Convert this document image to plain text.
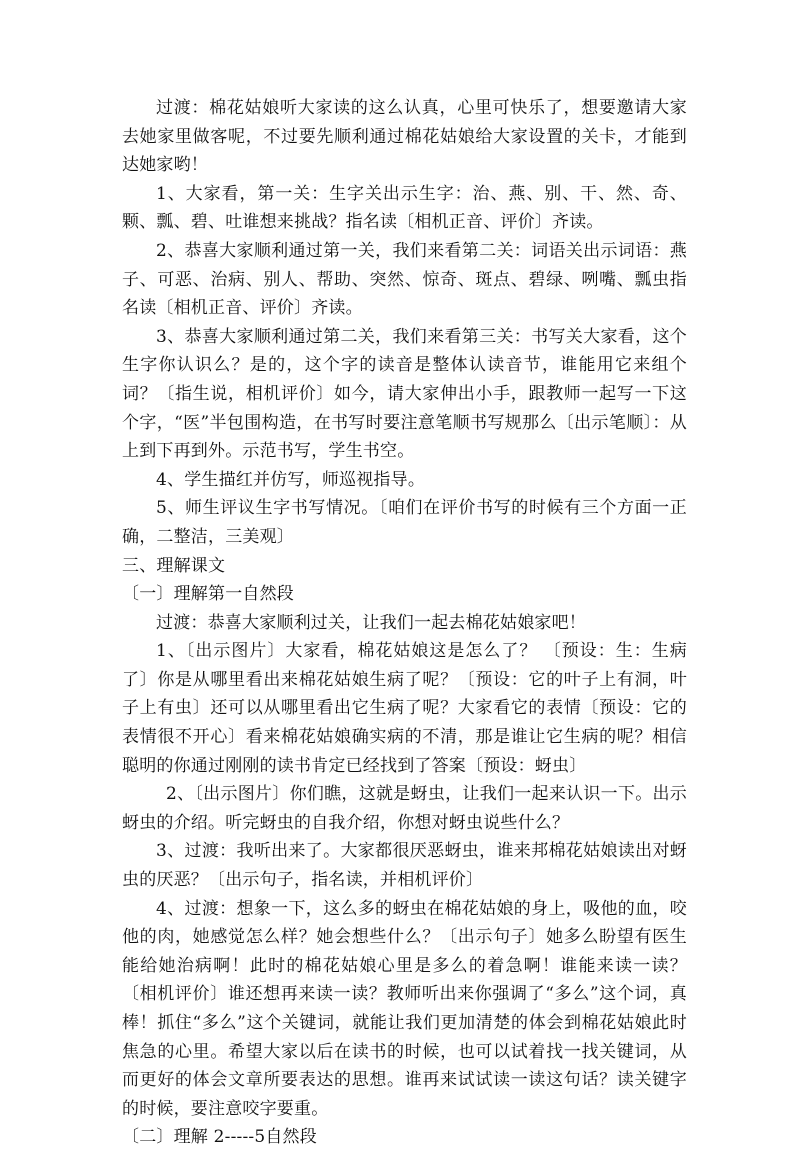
过渡：棉花姑娘听大家读的这么认真，心里可快乐了，想要邀请大家去她家里做客呢，不过要先顺利通过棉花姑娘给大家设置的关卡，才能到达她家哟！

1、大家看，第一关：生字关出示生字：治、燕、别、干、然、奇、颗、瓢、碧、吐谁想来挑战？指名读〔相机正音、评价〕齐读。

2、恭喜大家顺利通过第一关，我们来看第二关：词语关出示词语：燕子、可恶、治病、别人、帮助、突然、惊奇、斑点、碧绿、咧嘴、瓢虫指名读〔相机正音、评价〕齐读。

3、恭喜大家顺利通过第二关，我们来看第三关：书写关大家看，这个生字你认识么？是的，这个字的读音是整体认读音节，谁能用它来组个词？〔指生说，相机评价〕如今，请大家伸出小手，跟教师一起写一下这个字，“医”半包围构造，在书写时要注意笔顺书写规那么〔出示笔顺〕：从上到下再到外。示范书写，学生书空。

4、学生描红并仿写，师巡视指导。

5、师生评议生字书写情况。〔咱们在评价书写的时候有三个方面一正确，二整洁，三美观〕

三、理解课文

〔一〕理解第一自然段

过渡：恭喜大家顺利过关，让我们一起去棉花姑娘家吧！

1、〔出示图片〕大家看，棉花姑娘这是怎么了？ 〔预设：生：生病了〕你是从哪里看出来棉花姑娘生病了呢？〔预设：它的叶子上有洞，叶子上有虫〕还可以从哪里看出它生病了呢？大家看它的表情〔预设：它的表情很不开心〕看来棉花姑娘确实病的不清，那是谁让它生病的呢？相信聪明的你通过刚刚的读书肯定已经找到了答案〔预设：蚜虫〕

2、〔出示图片〕你们瞧，这就是蚜虫，让我们一起来认识一下。出示蚜虫的介绍。听完蚜虫的自我介绍，你想对蚜虫说些什么？

3、过渡：我听出来了。大家都很厌恶蚜虫，谁来邦棉花姑娘读出对蚜虫的厌恶？〔出示句子，指名读，并相机评价〕

4、过渡：想象一下，这么多的蚜虫在棉花姑娘的身上，吸他的血，咬他的肉，她感觉怎么样？她会想些什么？〔出示句子〕她多么盼望有医生能给她治病啊！此时的棉花姑娘心里是多么的着急啊！谁能来读一读？〔相机评价〕谁还想再来读一读？教师听出来你强调了“多么”这个词，真棒！抓住“多么”这个关键词，就能让我们更加清楚的体会到棉花姑娘此时焦急的心里。希望大家以后在读书的时候，也可以试着找一找关键词，从而更好的体会文章所要表达的思想。谁再来试试读一读这句话？读关键字的时候，要注意咬字要重。

〔二〕理解 2-----5自然段
